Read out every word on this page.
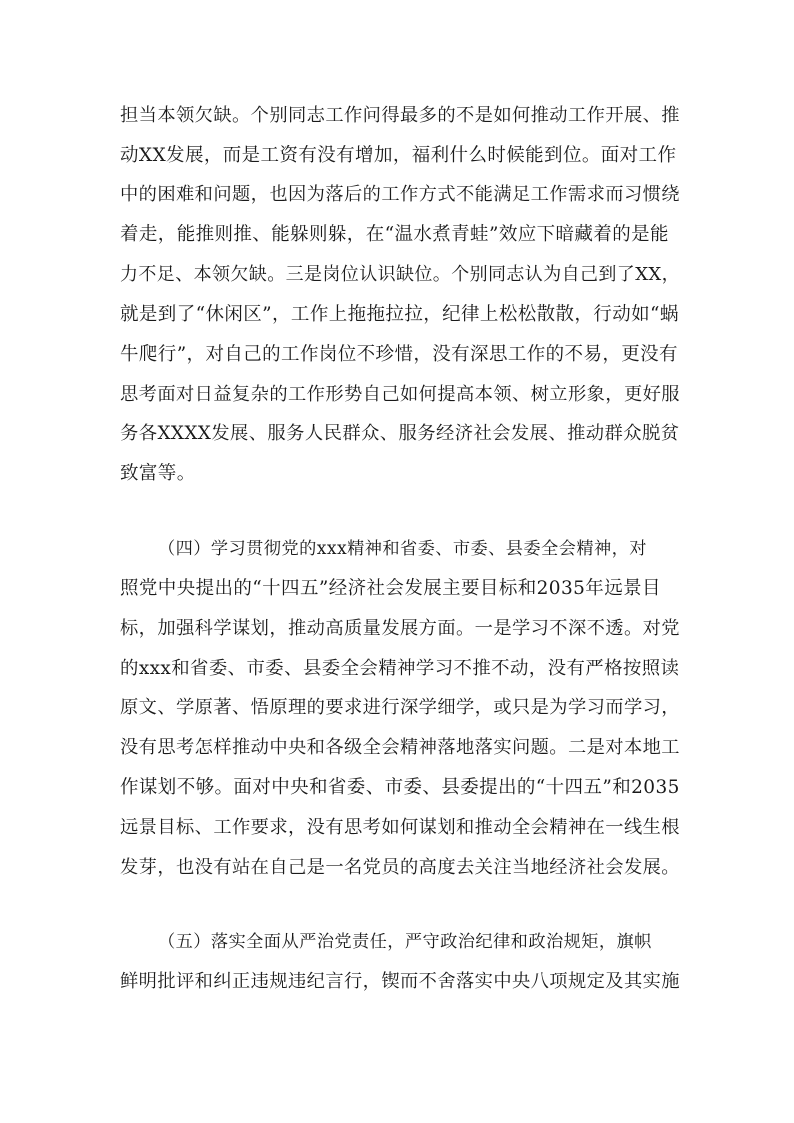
担当本领欠缺。个别同志工作问得最多的不是如何推动工作开展、推
动XX发展，而是工资有没有增加，福利什么时候能到位。面对工作
中的困难和问题，也因为落后的工作方式不能满足工作需求而习惯绕
着走，能推则推、能躲则躲，在“温水煮青蛙”效应下暗藏着的是能
力不足、本领欠缺。三是岗位认识缺位。个别同志认为自己到了XX，
就是到了“休闲区”，工作上拖拖拉拉，纪律上松松散散，行动如“蜗
牛爬行”，对自己的工作岗位不珍惜，没有深思工作的不易，更没有
思考面对日益复杂的工作形势自己如何提高本领、树立形象，更好服
务各XXXX发展、服务人民群众、服务经济社会发展、推动群众脱贫
致富等。
（四）学习贯彻党的xxx精神和省委、市委、县委全会精神，对
照党中央提出的“十四五”经济社会发展主要目标和2035年远景目
标，加强科学谋划，推动高质量发展方面。一是学习不深不透。对党
的xxx和省委、市委、县委全会精神学习不推不动，没有严格按照读
原文、学原著、悟原理的要求进行深学细学，或只是为学习而学习，
没有思考怎样推动中央和各级全会精神落地落实问题。二是对本地工
作谋划不够。面对中央和省委、市委、县委提出的“十四五”和2035
远景目标、工作要求，没有思考如何谋划和推动全会精神在一线生根
发芽，也没有站在自己是一名党员的高度去关注当地经济社会发展。
（五）落实全面从严治党责任，严守政治纪律和政治规矩，旗帜
鲜明批评和纠正违规违纪言行，锲而不舍落实中央八项规定及其实施
